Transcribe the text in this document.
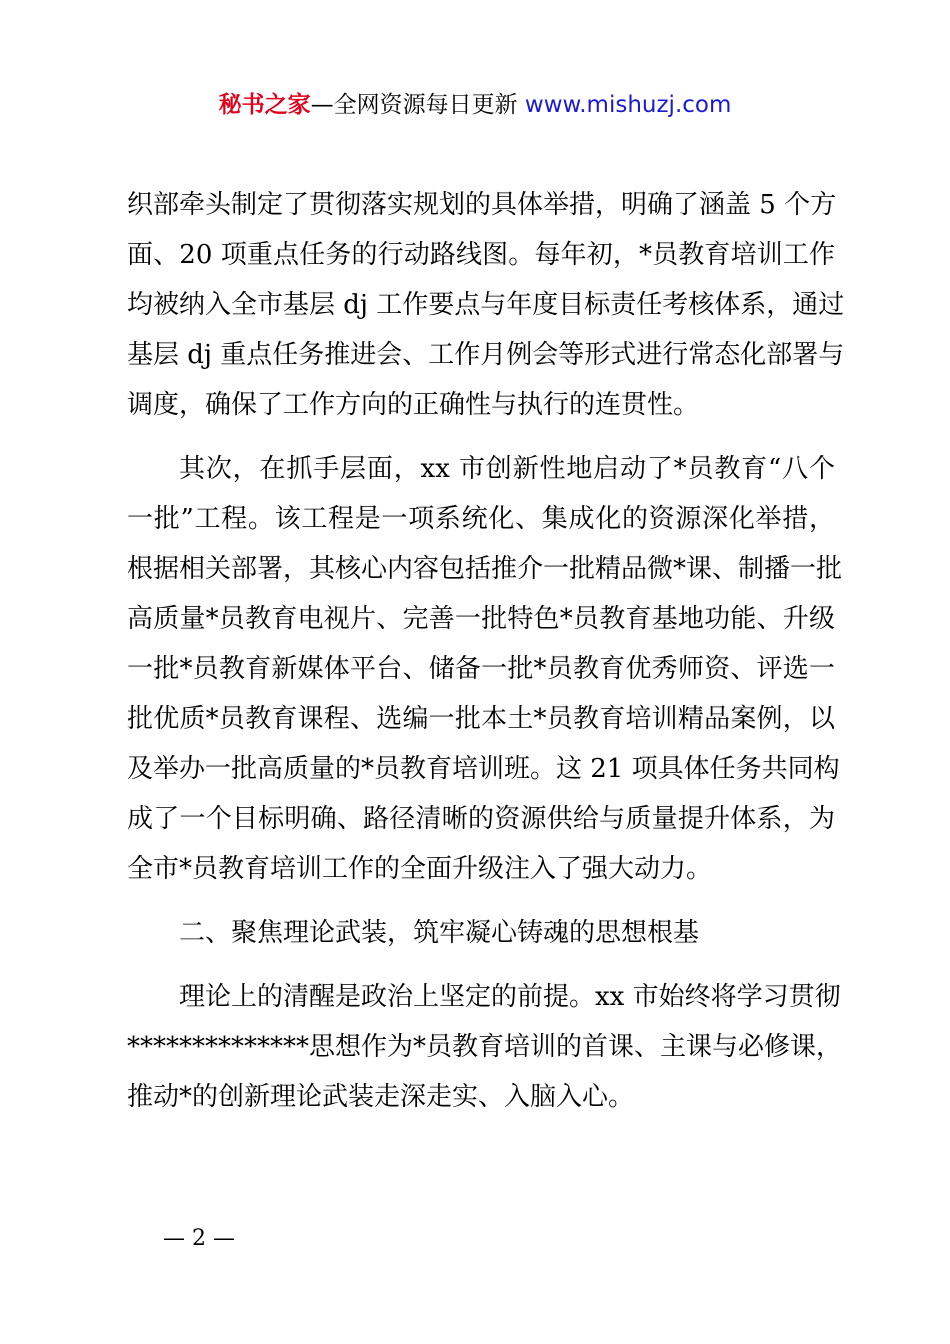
秘书之家—全网资源每日更新 www.mishuzj.com
织部牵头制定了贯彻落实规划的具体举措，明确了涵盖 5 个方
面、20 项重点任务的行动路线图。每年初，*员教育培训工作
均被纳入全市基层 dj 工作要点与年度目标责任考核体系，通过
基层 dj 重点任务推进会、工作月例会等形式进行常态化部署与
调度，确保了工作方向的正确性与执行的连贯性。
其次，在抓手层面，xx 市创新性地启动了*员教育“八个
一批”工程。该工程是一项系统化、集成化的资源深化举措，
根据相关部署，其核心内容包括推介一批精品微*课、制播一批
高质量*员教育电视片、完善一批特色*员教育基地功能、升级
一批*员教育新媒体平台、储备一批*员教育优秀师资、评选一
批优质*员教育课程、选编一批本土*员教育培训精品案例，以
及举办一批高质量的*员教育培训班。这 21 项具体任务共同构
成了一个目标明确、路径清晰的资源供给与质量提升体系，为
全市*员教育培训工作的全面升级注入了强大动力。
二、聚焦理论武装，筑牢凝心铸魂的思想根基
理论上的清醒是政治上坚定的前提。xx 市始终将学习贯彻
**************思想作为*员教育培训的首课、主课与必修课，
推动*的创新理论武装走深走实、入脑入心。
— 2 —
